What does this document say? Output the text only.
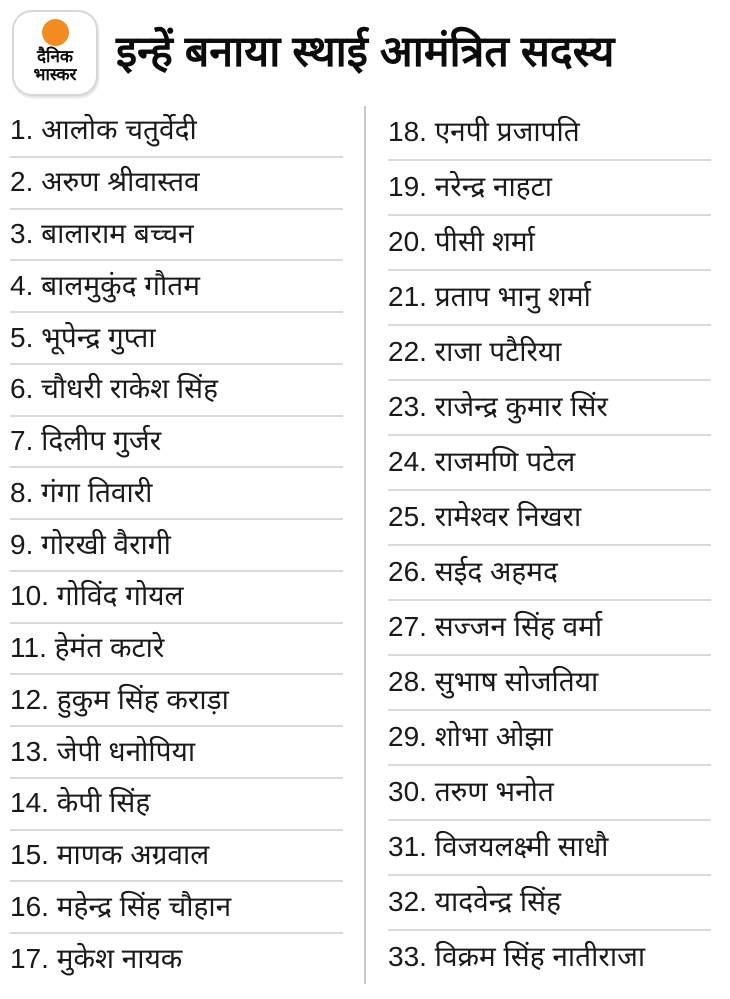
दैनिक
भास्कर इन्हें बनाया स्थाई आमंत्रित सदस्य
1. आलोक चतुर्वेदी
2. अरुण श्रीवास्तव
3. बालाराम बच्चन
4. बालमुकुंद गौतम
5. भूपेन्द्र गुप्ता
6. चौधरी राकेश सिंह
7. दिलीप गुर्जर
8. गंगा तिवारी
9. गोरखी वैरागी
10. गोविंद गोयल
11. हेमंत कटारे
12. हुकुम सिंह कराड़ा
13. जेपी धनोपिया
14. केपी सिंह
15. माणक अग्रवाल
16. महेन्द्र सिंह चौहान
17. मुकेश नायक
18. एनपी प्रजापति
19. नरेन्द्र नाहटा
20. पीसी शर्मा
21. प्रताप भानु शर्मा
22. राजा पटैरिया
23. राजेन्द्र कुमार सिंर
24. राजमणि पटेल
25. रामेश्वर निखरा
26. सईद अहमद
27. सज्जन सिंह वर्मा
28. सुभाष सोजतिया
29. शोभा ओझा
30. तरुण भनोत
31. विजयलक्ष्मी साधौ
32. यादवेन्द्र सिंह
33. विक्रम सिंह नातीराजा
